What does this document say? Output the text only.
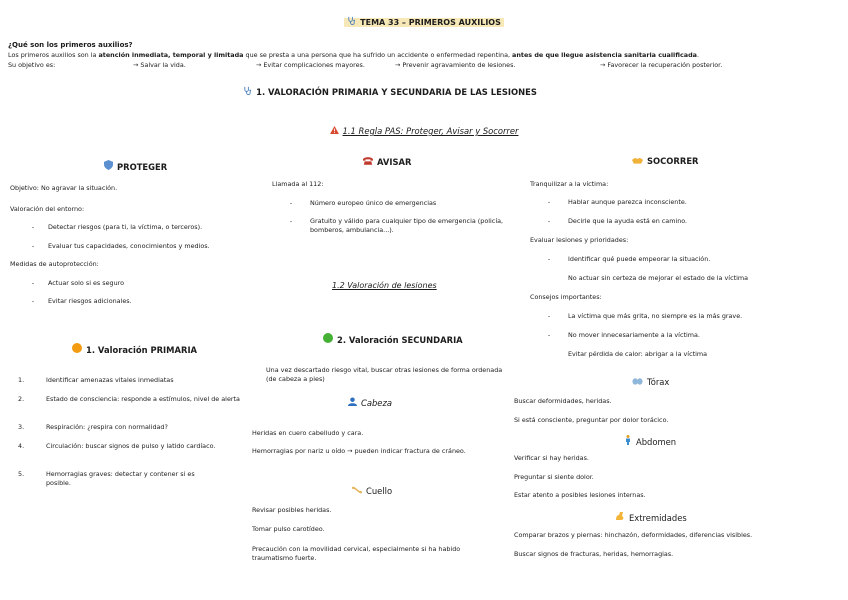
TEMA 33 – PRIMEROS AUXILIOS
¿Qué son los primeros auxilios?
Los primeros auxilios son la atención inmediata, temporal y limitada que se presta a una persona que ha sufrido un accidente o enfermedad repentina, antes de que llegue asistencia sanitaria cualificada.
Su objetivo es:	→ Salvar la vida.	→ Evitar complicaciones mayores.	→ Prevenir agravamiento de lesiones.	→ Favorecer la recuperación posterior.
1. VALORACIÓN PRIMARIA Y SECUNDARIA DE LAS LESIONES
1.1 Regla PAS: Proteger, Avisar y Socorrer
PROTEGER
Objetivo: No agravar la situación.
Valoración del entorno:
-	Detectar riesgos (para ti, la víctima, o terceros).
-	Evaluar tus capacidades, conocimientos y medios.
Medidas de autoprotección:
-	Actuar solo si es seguro
-	Evitar riesgos adicionales.
AVISAR
Llamada al 112:
-	Número europeo único de emergencias
-	Gratuito y válido para cualquier tipo de emergencia (policía, bomberos, ambulancia...).
1.2 Valoración de lesiones
SOCORRER
Tranquilizar a la víctima:
-	Hablar aunque parezca inconsciente.
-	Decirle que la ayuda está en camino.
Evaluar lesiones y prioridades:
-	Identificar qué puede empeorar la situación.
No actuar sin certeza de mejorar el estado de la víctima
Consejos importantes:
-	La víctima que más grita, no siempre es la más grave.
-	No mover innecesariamente a la víctima.
Evitar pérdida de calor: abrigar a la víctima
1. Valoración PRIMARIA
1.	Identificar amenazas vitales inmediatas
2.	Estado de consciencia: responde a estímulos, nivel de alerta
3.	Respiración: ¿respira con normalidad?
4.	Circulación: buscar signos de pulso y latido cardíaco.
5.	Hemorragias graves: detectar y contener si es posible.
2. Valoración SECUNDARIA
Una vez descartado riesgo vital, buscar otras lesiones de forma ordenada (de cabeza a pies)
Cabeza
Heridas en cuero cabelludo y cara.
Hemorragias por nariz u oído → pueden indicar fractura de cráneo.
Cuello
Revisar posibles heridas.
Tomar pulso carotídeo.
Precaución con la movilidad cervical, especialmente si ha habido traumatismo fuerte.
Tórax
Buscar deformidades, heridas.
Si está consciente, preguntar por dolor torácico.
Abdomen
Verificar si hay heridas.
Preguntar si siente dolor.
Estar atento a posibles lesiones internas.
Extremidades
Comparar brazos y piernas: hinchazón, deformidades, diferencias visibles.
Buscar signos de fracturas, heridas, hemorragias.
